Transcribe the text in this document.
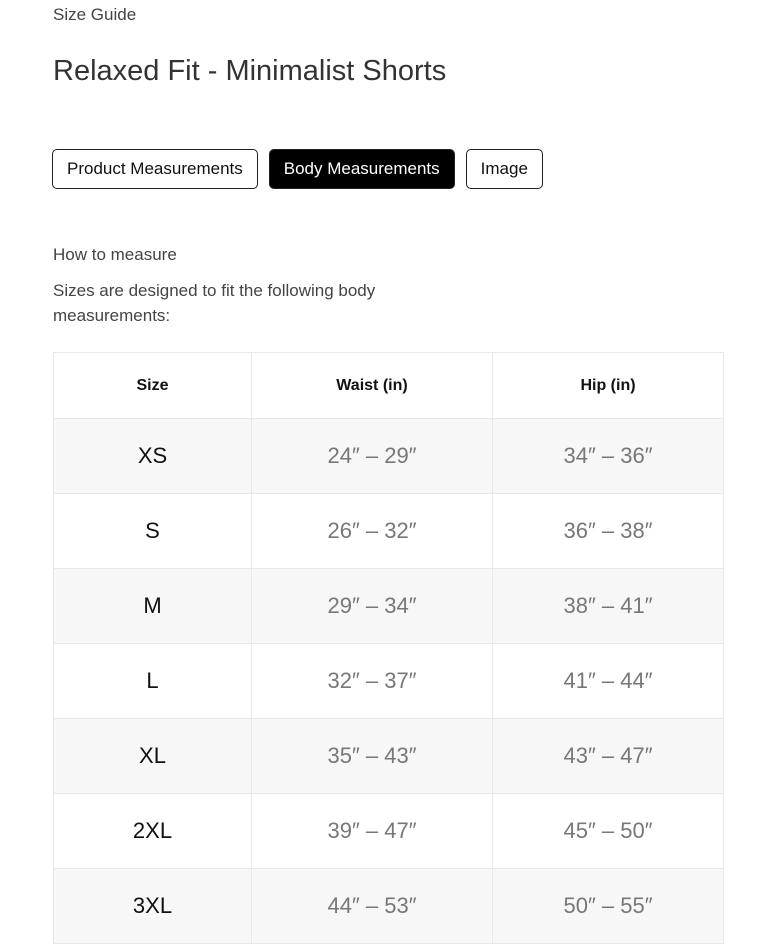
Size Guide
Relaxed Fit - Minimalist Shorts
Product Measurements	Body Measurements	Image
How to measure
Sizes are designed to fit the following body measurements:
Size	Waist (in)	Hip (in)
XS	24″ – 29″	34″ – 36″
S	26″ – 32″	36″ – 38″
M	29″ – 34″	38″ – 41″
L	32″ – 37″	41″ – 44″
XL	35″ – 43″	43″ – 47″
2XL	39″ – 47″	45″ – 50″
3XL	44″ – 53″	50″ – 55″
